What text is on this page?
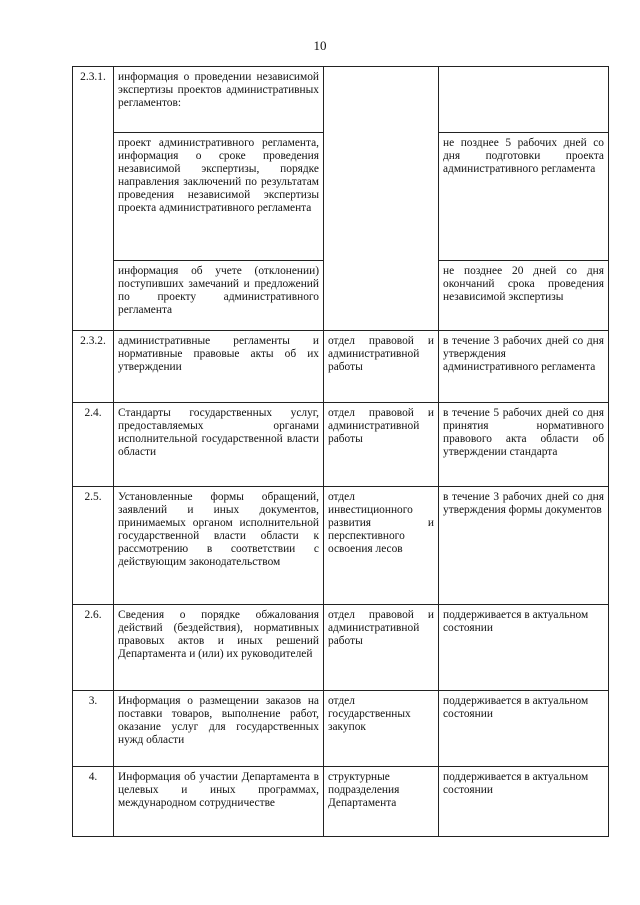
10
2.3.1.	информация о проведении независимой экспертизы проектов административных регламентов:		
	проект административного регламента, информация о сроке проведения независимой экспертизы, порядке направления заключений по результатам проведения независимой экспертизы проекта административного регламента		не позднее 5 рабочих дней со дня подготовки проекта административного регламента
	информация об учете (отклонении) поступивших замечаний и предложений по проекту административного регламента		не позднее 20 дней со дня окончаний срока проведения независимой экспертизы
2.3.2.	административные регламенты и нормативные правовые акты об их утверждении	отдел правовой и административной работы	в течение 3 рабочих дней со дня утверждения административного регламента
2.4.	Стандарты государственных услуг, предоставляемых органами исполнительной государственной власти области	отдел правовой и административной работы	в течение 5 рабочих дней со дня принятия нормативного правового акта области об утверждении стандарта
2.5.	Установленные формы обращений, заявлений и иных документов, принимаемых органом исполнительной государственной власти области к рассмотрению в соответствии с действующим законодательством	отдел инвестиционного развития и перспективного освоения лесов	в течение 3 рабочих дней со дня утверждения формы документов
2.6.	Сведения о порядке обжалования действий (бездействия), нормативных правовых актов и иных решений Департамента и (или) их руководителей	отдел правовой и административной работы	поддерживается в актуальном состоянии
3.	Информация о размещении заказов на поставки товаров, выполнение работ, оказание услуг для государственных нужд области	отдел государственных закупок	поддерживается в актуальном состоянии
4.	Информация об участии Департамента в целевых и иных программах, международном сотрудничестве	структурные подразделения Департамента	поддерживается в актуальном состоянии
